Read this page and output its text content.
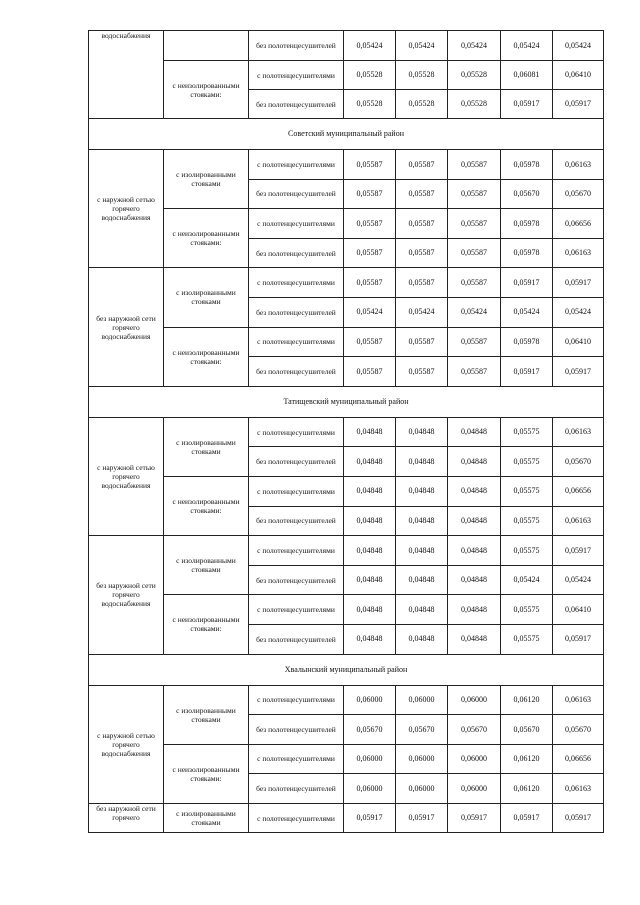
водоснабжения		без полотенцесушителей	0,05424	0,05424	0,05424	0,05424	0,05424
	с неизолированными стояками:	с полотенцесушителями	0,05528	0,05528	0,05528	0,06081	0,06410
		без полотенцесушителей	0,05528	0,05528	0,05528	0,05917	0,05917
Советский муниципальный район							
с наружной сетью горячего водоснабжения	с изолированными стояками	с полотенцесушителями	0,05587	0,05587	0,05587	0,05978	0,06163
		без полотенцесушителей	0,05587	0,05587	0,05587	0,05670	0,05670
	с неизолированными стояками:	с полотенцесушителями	0,05587	0,05587	0,05587	0,05978	0,06656
		без полотенцесушителей	0,05587	0,05587	0,05587	0,05978	0,06163
без наружной сети горячего водоснабжения	с изолированными стояками	с полотенцесушителями	0,05587	0,05587	0,05587	0,05917	0,05917
		без полотенцесушителей	0,05424	0,05424	0,05424	0,05424	0,05424
	с неизолированными стояками:	с полотенцесушителями	0,05587	0,05587	0,05587	0,05978	0,06410
		без полотенцесушителей	0,05587	0,05587	0,05587	0,05917	0,05917
Татищевский муниципальный район							
с наружной сетью горячего водоснабжения	с изолированными стояками	с полотенцесушителями	0,04848	0,04848	0,04848	0,05575	0,06163
		без полотенцесушителей	0,04848	0,04848	0,04848	0,05575	0,05670
	с неизолированными стояками:	с полотенцесушителями	0,04848	0,04848	0,04848	0,05575	0,06656
		без полотенцесушителей	0,04848	0,04848	0,04848	0,05575	0,06163
без наружной сети горячего водоснабжения	с изолированными стояками	с полотенцесушителями	0,04848	0,04848	0,04848	0,05575	0,05917
		без полотенцесушителей	0,04848	0,04848	0,04848	0,05424	0,05424
	с неизолированными стояками:	с полотенцесушителями	0,04848	0,04848	0,04848	0,05575	0,06410
		без полотенцесушителей	0,04848	0,04848	0,04848	0,05575	0,05917
Хвалынский муниципальный район							
с наружной сетью горячего водоснабжения	с изолированными стояками	с полотенцесушителями	0,06000	0,06000	0,06000	0,06120	0,06163
		без полотенцесушителей	0,05670	0,05670	0,05670	0,05670	0,05670
	с неизолированными стояками:	с полотенцесушителями	0,06000	0,06000	0,06000	0,06120	0,06656
		без полотенцесушителей	0,06000	0,06000	0,06000	0,06120	0,06163
без наружной сети горячего	с изолированными стояками	с полотенцесушителями	0,05917	0,05917	0,05917	0,05917	0,05917
